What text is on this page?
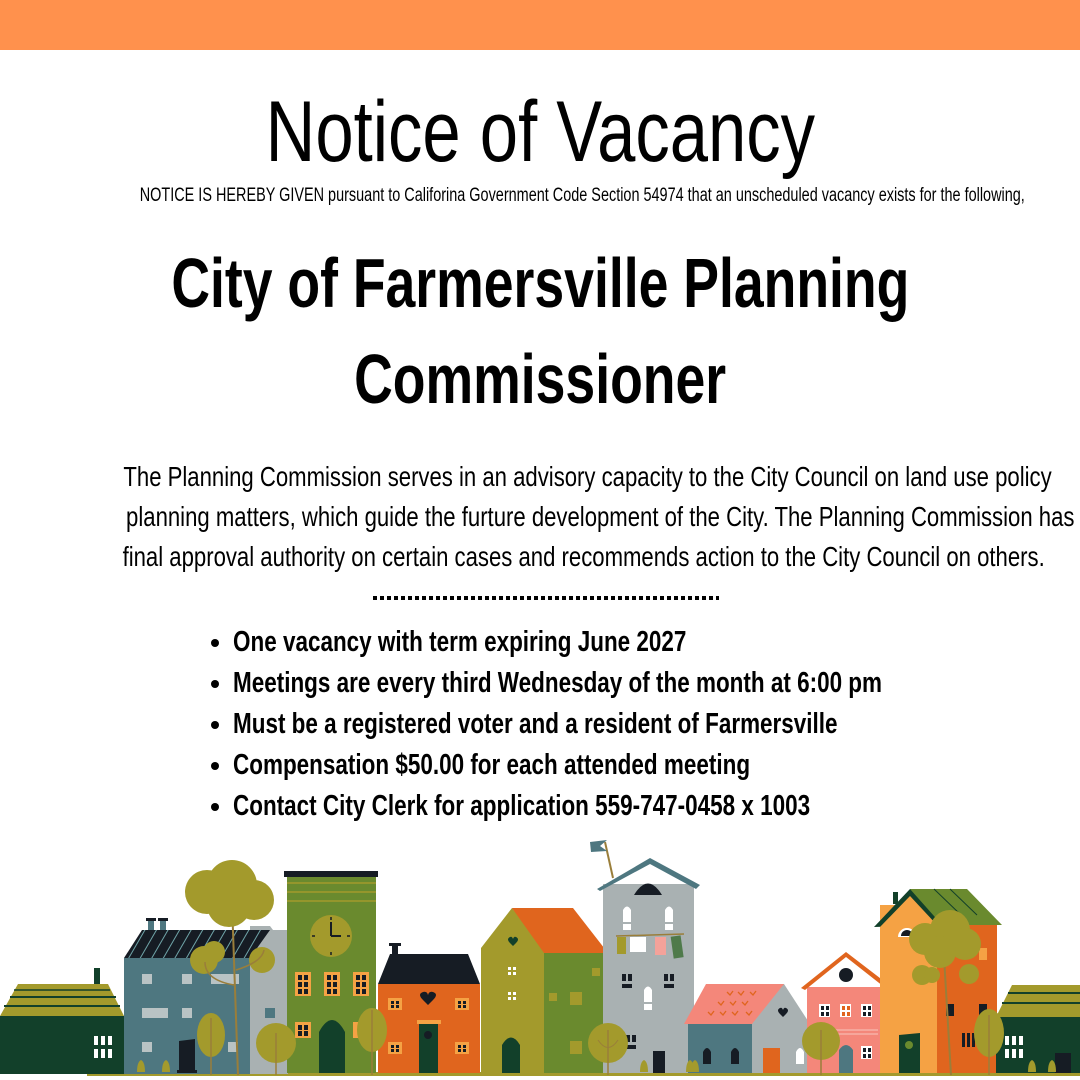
Notice of Vacancy
NOTICE IS HEREBY GIVEN pursuant to Califorina Government Code Section 54974 that an unscheduled vacancy exists for the following,
City of Farmersville Planning
Commissioner
The Planning Commission serves in an advisory capacity to the City Council on land use policy
planning matters, which guide the furture development of the City. The Planning Commission has
final approval authority on certain cases and recommends action to the City Council on others.
One vacancy with term expiring June 2027
Meetings are every third Wednesday of the month at 6:00 pm
Must be a registered voter and a resident of Farmersville
Compensation $50.00 for each attended meeting
Contact City Clerk for application 559-747-0458 x 1003
